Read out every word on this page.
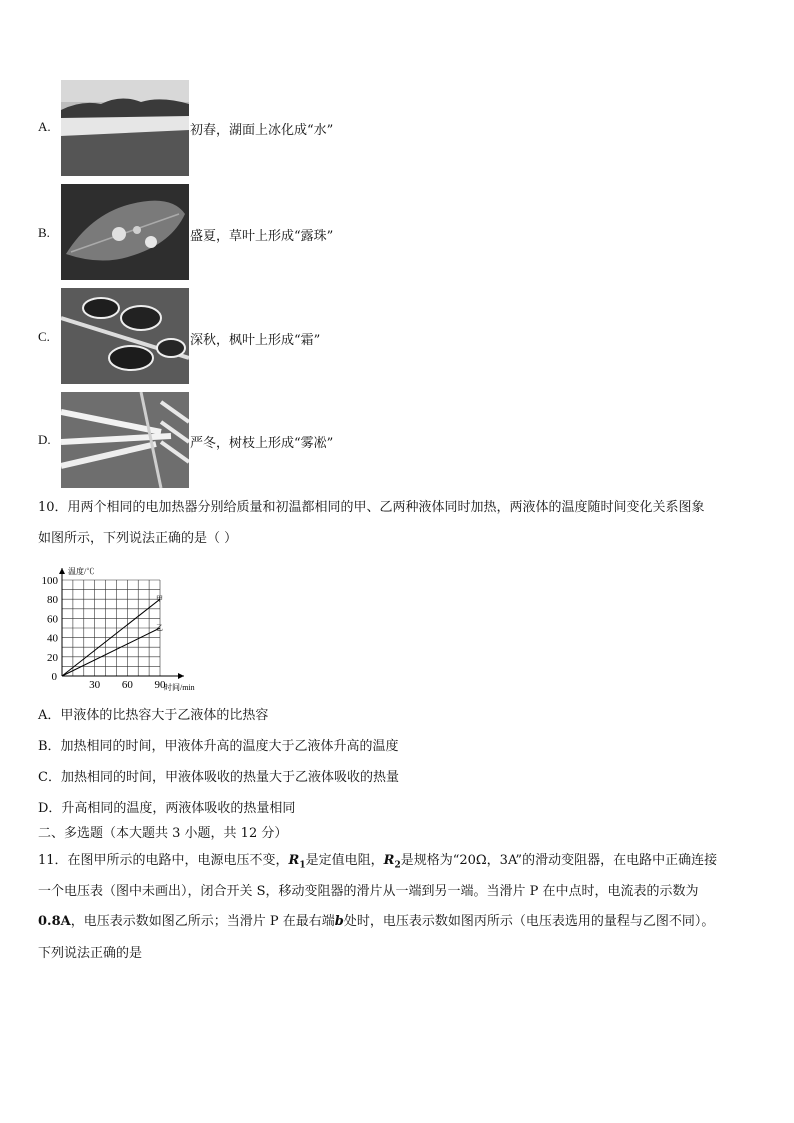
A.	初春，湖面上冰化成“水”
B.	盛夏，草叶上形成“露珠”
C.	深秋，枫叶上形成“霜”
D.	严冬，树枝上形成“雾凇”
10．用两个相同的电加热器分别给质量和初温都相同的甲、乙两种液体同时加热，两液体的温度随时间变化关系图象
如图所示，下列说法正确的是（ ）
甲
乙
100
80
60
40
20
30 60 90
0
时间/min
温度/℃
A．甲液体的比热容大于乙液体的比热容
B．加热相同的时间，甲液体升高的温度大于乙液体升高的温度
C．加热相同的时间，甲液体吸收的热量大于乙液体吸收的热量
D．升高相同的温度，两液体吸收的热量相同
二、多选题（本大题共 3 小题，共 12 分）
11．在图甲所示的电路中，电源电压不变，$R_1$是定值电阻，$R_2$是规格为“20Ω，3A”的滑动变阻器，在电路中正确连接
一个电压表（图中未画出），闭合开关 S，移动变阻器的滑片从一端到另一端。当滑片 P 在中点时，电流表的示数为
0.8A，电压表示数如图乙所示；当滑片 P 在最右端b处时，电压表示数如图丙所示（电压表选用的量程与乙图不同）。
下列说法正确的是
